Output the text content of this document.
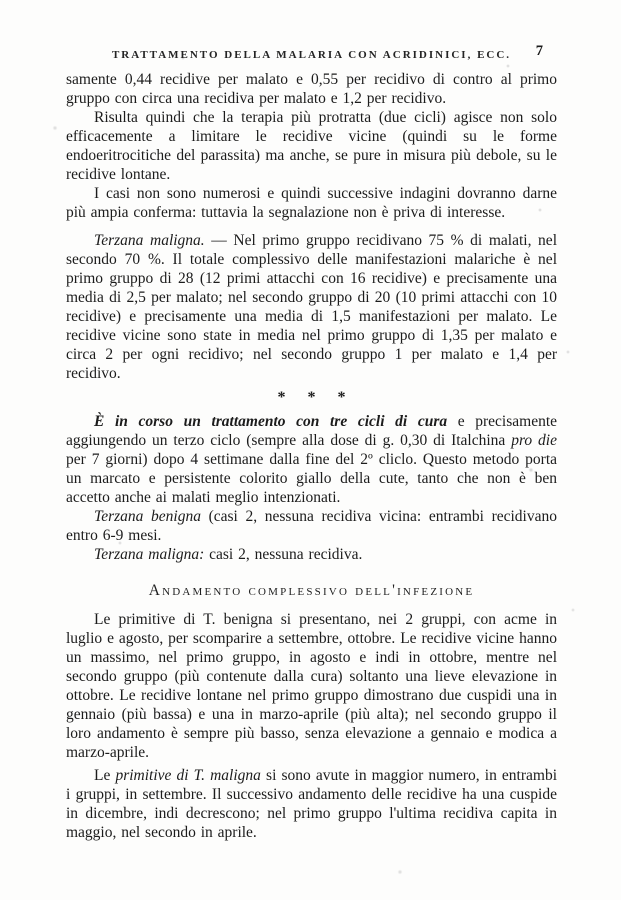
TRATTAMENTO DELLA MALARIA CON ACRIDINICI, ECC. 7

samente 0,44 recidive per malato e 0,55 per recidivo di contro al primo gruppo con circa una recidiva per malato e 1,2 per recidivo.

Risulta quindi che la terapia più protratta (due cicli) agisce non solo efficacemente a limitare le recidive vicine (quindi su le forme endoeritrocitiche del parassita) ma anche, se pure in misura più debole, su le recidive lontane.

I casi non sono numerosi e quindi successive indagini dovranno darne più ampia conferma: tuttavia la segnalazione non è priva di interesse.

Terzana maligna. — Nel primo gruppo recidivano 75 % di malati, nel secondo 70 %. Il totale complessivo delle manifestazioni malariche è nel primo gruppo di 28 (12 primi attacchi con 16 recidive) e precisamente una media di 2,5 per malato; nel secondo gruppo di 20 (10 primi attacchi con 10 recidive) e precisamente una media di 1,5 manifestazioni per malato. Le recidive vicine sono state in media nel primo gruppo di 1,35 per malato e circa 2 per ogni recidivo; nel secondo gruppo 1 per malato e 1,4 per recidivo.

* * *

È in corso un trattamento con tre cicli di cura e precisamente aggiungendo un terzo ciclo (sempre alla dose di g. 0,30 di Italchina pro die per 7 giorni) dopo 4 settimane dalla fine del 2º cliclo. Questo metodo porta un marcato e persistente colorito giallo della cute, tanto che non è ben accetto anche ai malati meglio intenzionati.

Terzana benigna (casi 2, nessuna recidiva vicina: entrambi recidivano entro 6-9 mesi.

Terzana maligna: casi 2, nessuna recidiva.

Andamento complessivo dell'infezione

Le primitive di T. benigna si presentano, nei 2 gruppi, con acme in luglio e agosto, per scomparire a settembre, ottobre. Le recidive vicine hanno un massimo, nel primo gruppo, in agosto e indi in ottobre, mentre nel secondo gruppo (più contenute dalla cura) soltanto una lieve elevazione in ottobre. Le recidive lontane nel primo gruppo dimostrano due cuspidi una in gennaio (più bassa) e una in marzo-aprile (più alta); nel secondo gruppo il loro andamento è sempre più basso, senza elevazione a gennaio e modica a marzo-aprile.

Le primitive di T. maligna si sono avute in maggior numero, in entrambi i gruppi, in settembre. Il successivo andamento delle recidive ha una cuspide in dicembre, indi decrescono; nel primo gruppo l'ultima recidiva capita in maggio, nel secondo in aprile.
